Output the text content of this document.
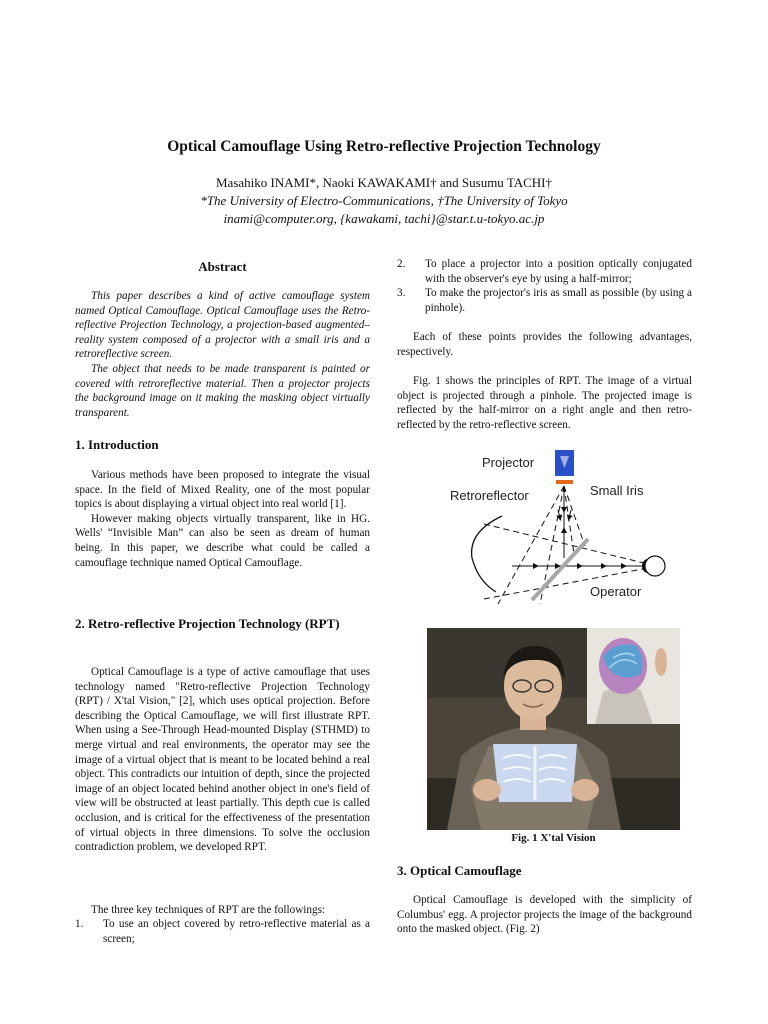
Optical Camouflage Using Retro-reflective Projection Technology
Masahiko INAMI*, Naoki KAWAKAMI† and Susumu TACHI†
*The University of Electro-Communications, †The University of Tokyo
inami@computer.org, {kawakami, tachi}@star.t.u-tokyo.ac.jp
Abstract

This paper describes a kind of active camouflage system named Optical Camouflage. Optical Camouflage uses the Retro-reflective Projection Technology, a projection-based augmented–reality system composed of a projector with a small iris and a retroreflective screen.

The object that needs to be made transparent is painted or covered with retroreflective material. Then a projector projects the background image on it making the masking object virtually transparent.

1. Introduction

Various methods have been proposed to integrate the visual space. In the field of Mixed Reality, one of the most popular topics is about displaying a virtual object into real world [1].

However making objects virtually transparent, like in HG. Wells' “Invisible Man” can also be seen as dream of human being. In this paper, we describe what could be called a camouflage technique named Optical Camouflage.

2. Retro-reflective Projection Technology (RPT)

Optical Camouflage is a type of active camouflage that uses technology named "Retro-reflective Projection Technology (RPT) / X'tal Vision," [2], which uses optical projection. Before describing the Optical Camouflage, we will first illustrate RPT. When using a See-Through Head-mounted Display (STHMD) to merge virtual and real environments, the operator may see the image of a virtual object that is meant to be located behind a real object. This contradicts our intuition of depth, since the projected image of an object located behind another object in one's field of view will be obstructed at least partially. This depth cue is called occlusion, and is critical for the effectiveness of the presentation of virtual objects in three dimensions. To solve the occlusion contradiction problem, we developed RPT.

The three key techniques of RPT are the followings:

1. To use an object covered by retro-reflective material as a screen;
2. To place a projector into a position optically conjugated with the observer's eye by using a half-mirror;
3. To make the projector's iris as small as possible (by using a pinhole).

Each of these points provides the following advantages, respectively.

Fig. 1 shows the principles of RPT. The image of a virtual object is projected through a pinhole. The projected image is reflected by the half-mirror on a right angle and then retro-reflected by the retro-reflective screen.

Projector
Retroreflector	Small Iris
Operator
Fig. 1 X'tal Vision
3. Optical Camouflage

Optical Camouflage is developed with the simplicity of Columbus' egg. A projector projects the image of the background onto the masked object. (Fig. 2)
